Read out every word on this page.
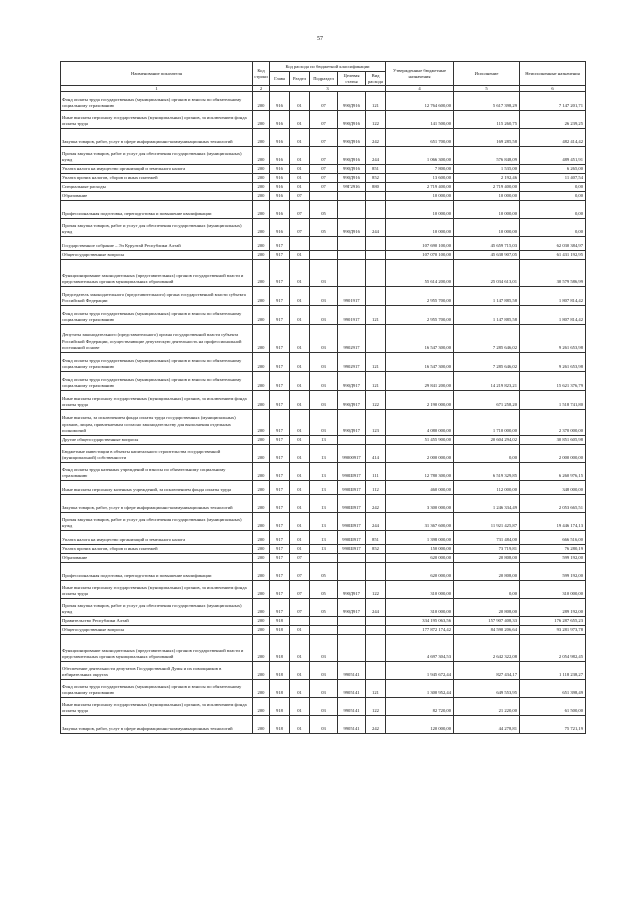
57
Наименование показателя	Код строки	Код расхода по бюджетной классификации					Утвержденные бюджетные назначения	Исполнение	Неисполненные назначения
		Глава	Раздел	Подраздел	Целевая статья	Вид расхода			
1	2	3					4	5	6
Фонд оплаты труда государственных (муниципальных) органов и взносы по обязательному социальному страхованию	200	916	01	07	990Д916	121	12 764 600,00	5 617 398,29	7 147 201,71
Иные выплаты персоналу государственных (муниципальных) органов, за исключением фонда оплаты труда	200	916	01	07	990Д916	122	141 500,00	115 260,75	26 239,25
Закупка товаров, работ, услуг в сфере информационно-коммуникационных технологий	200	916	01	07	990Д916	242	651 700,00	169 285,58	482 414,42
Прочая закупка товаров, работ и услуг для обеспечения государственных (муниципальных) нужд	200	916	01	07	990Д916	244	1 066 300,00	576 848,09	489 451,91
Уплата налога на имущество организаций и земельного налога	200	916	01	07	990Д916	851	7 800,00	1 535,00	6 265,00
Уплата прочих налогов, сборов и иных платежей	200	916	01	07	990Д916	852	13 600,00	2 192,46	11 407,54
Специальные расходы	200	916	01	07	99Г2916	880	2 719 400,00	2 719 400,00	0,00
Образование	200	916	07				10 000,00	10 000,00	0,00
Профессиональная подготовка, переподготовка и повышение квалификации	200	916	07	05			10 000,00	10 000,00	0,00
Прочая закупка товаров, работ и услуг для обеспечения государственных (муниципальных) нужд	200	916	07	05	990Д916	244	10 000,00	10 000,00	0,00
Государственное собрание – Эл Курултай Республики Алтай	200	917					107 690 100,00	45 659 715,03	62 030 384,97
Общегосударственные вопросы	200	917	01				107 070 100,00	45 638 907,05	61 431 192,95
Функционирование законодательных (представительных) органов государственной власти и представительных органов муниципальных образований	200	917	01	03			55 614 200,00	25 034 613,01	30 579 586,99
Председатель законодательного (представительного) органа государственной власти субъекта Российской Федерации	200	917	01	03	9901917		2 955 700,00	1 147 885,58	1 807 814,42
Фонд оплаты труда государственных (муниципальных) органов и взносы по обязательному социальному страхованию	200	917	01	03	9901917	121	2 955 700,00	1 147 885,58	1 807 814,42
Депутаты законодательного (представительного) органа государственной власти субъекта Российской Федерации, осуществляющие депутатскую деятельность на профессиональной постоянной основе	200	917	01	03	9902917		16 547 300,00	7 285 646,02	9 261 653,98
Фонд оплаты труда государственных (муниципальных) органов и взносы по обязательному социальному страхованию	200	917	01	03	9902917	121	16 547 300,00	7 285 646,02	9 261 653,98
Фонд оплаты труда государственных (муниципальных) органов и взносы по обязательному социальному страхованию	200	917	01	03	990Д917	121	29 841 200,00	14 219 823,21	15 621 376,79
Иные выплаты персоналу государственных (муниципальных) органов, за исключением фонда оплаты труда	200	917	01	03	990Д917	122	2 190 000,00	671 258,20	1 518 741,80
Иные выплаты, за исключением фонда оплаты труда государственных (муниципальных) органов, лицам, привлекаемым согласно законодательству для выполнения отдельных полномочий	200	917	01	03	990Д917	123	4 080 000,00	1 710 000,00	2 370 000,00
Другие общегосударственные вопросы	200	917	01	13			51 455 900,00	20 604 294,02	30 851 605,98
Бюджетные инвестиции в объекты капитального строительства государственной (муниципальной) собственности	200	917	01	13	99000917	414	2 000 000,00	0,00	2 000 000,00
Фонд оплаты труда казенных учреждений и взносы по обязательному социальному страхованию	200	917	01	13	990Ш917	111	12 780 300,00	6 519 329,85	6 260 976,15
Иные выплаты персоналу казенных учреждений, за исключением фонда оплаты труда	200	917	01	13	990Ш917	112	460 000,00	112 000,00	348 000,00
Закупка товаров, работ, услуг в сфере информационно-коммуникационных технологий	200	917	01	13	990Ш917	242	3 300 000,00	1 246 334,49	2 053 665,51
Прочая закупка товаров, работ и услуг для обеспечения государственных (муниципальных) нужд	200	917	01	13	990Ш917	244	31 367 600,00	11 921 425,87	19 446 174,13
Уплата налога на имущество организаций и земельного налога	200	917	01	13	990Ш917	851	1 398 000,00	731 484,00	666 516,00
Уплата прочих налогов, сборов и иных платежей	200	917	01	13	990Ш917	852	150 000,00	73 719,81	76 280,19
Образование	200	917	07				620 000,00	20 808,00	599 192,00
Профессиональная подготовка, переподготовка и повышение квалификации	200	917	07	05			620 000,00	20 808,00	599 192,00
Иные выплаты персоналу государственных (муниципальных) органов, за исключением фонда оплаты труда	200	917	07	05	990Д917	122	310 000,00	0,00	310 000,00
Прочая закупка товаров, работ и услуг для обеспечения государственных (муниципальных) нужд	200	917	07	05	990Д917	244	310 000,00	20 808,00	289 192,00
Правительство Республики Алтай	200	918					334 195 063,56	157 907 408,33	176 287 655,23
Общегосударственные вопросы	200	918	01				177 872 174,42	84 590 206,64	93 281 973,78
Функционирование законодательных (представительных) органов государственной власти и представительных органов муниципальных образований	200	918	01	03			4 697 304,53	2 642 322,08	2 054 982,45
Обеспечение деятельности депутатов Государственной Думы и их помощников в избирательных округах	200	918	01	03	9905141		1 945 672,44	827 434,17	1 118 238,27
Фонд оплаты труда государственных (муниципальных) органов и взносы по обязательному социальному страхованию	200	918	01	03	9905141	121	1 300 952,44	649 553,95	651 398,49
Иные выплаты персоналу государственных (муниципальных) органов, за исключением фонда оплаты труда	200	918	01	03	9905141	122	82 720,00	21 220,00	61 500,00
Закупка товаров, работ, услуг в сфере информационно-коммуникационных технологий	200	918	01	03	9905141	242	120 000,00	44 278,81	75 721,19
